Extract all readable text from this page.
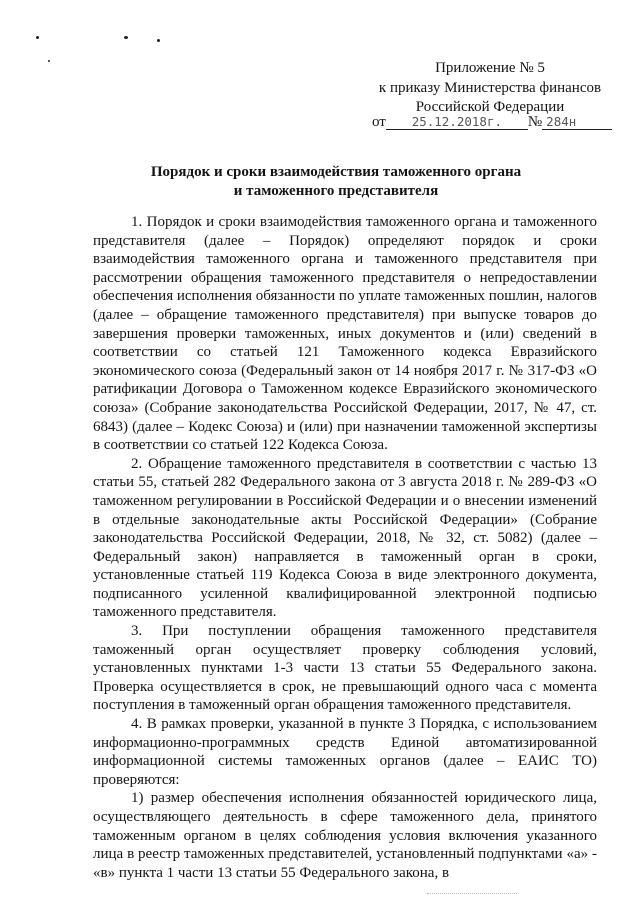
Приложение № 5
к приказу Министерства финансов
Российской Федерации
от 25.12.2018г. № 284н
Порядок и сроки взаимодействия таможенного органа
и таможенного представителя

1. Порядок и сроки взаимодействия таможенного органа и таможенного представителя (далее – Порядок) определяют порядок и сроки взаимодействия таможенного органа и таможенного представителя при рассмотрении обращения таможенного представителя о непредоставлении обеспечения исполнения обязанности по уплате таможенных пошлин, налогов (далее – обращение таможенного представителя) при выпуске товаров до завершения проверки таможенных, иных документов и (или) сведений в соответствии со статьей 121 Таможенного кодекса Евразийского экономического союза (Федеральный закон от 14 ноября 2017 г. № 317-ФЗ «О ратификации Договора о Таможенном кодексе Евразийского экономического союза» (Собрание законодательства Российской Федерации, 2017, № 47, ст. 6843) (далее – Кодекс Союза) и (или) при назначении таможенной экспертизы в соответствии со статьей 122 Кодекса Союза.

2. Обращение таможенного представителя в соответствии с частью 13 статьи 55, статьей 282 Федерального закона от 3 августа 2018 г. № 289-ФЗ «О таможенном регулировании в Российской Федерации и о внесении изменений в отдельные законодательные акты Российской Федерации» (Собрание законодательства Российской Федерации, 2018, № 32, ст. 5082) (далее – Федеральный закон) направляется в таможенный орган в сроки, установленные статьей 119 Кодекса Союза в виде электронного документа, подписанного усиленной квалифицированной электронной подписью таможенного представителя.

3. При поступлении обращения таможенного представителя таможенный орган осуществляет проверку соблюдения условий, установленных пунктами 1-3 части 13 статьи 55 Федерального закона. Проверка осуществляется в срок, не превышающий одного часа с момента поступления в таможенный орган обращения таможенного представителя.

4. В рамках проверки, указанной в пункте 3 Порядка, с использованием информационно-программных средств Единой автоматизированной информационной системы таможенных органов (далее – ЕАИС ТО) проверяются:

1) размер обеспечения исполнения обязанностей юридического лица, осуществляющего деятельность в сфере таможенного дела, принятого таможенным органом в целях соблюдения условия включения указанного лица в реестр таможенных представителей, установленный подпунктами «а» - «в» пункта 1 части 13 статьи 55 Федерального закона, в
